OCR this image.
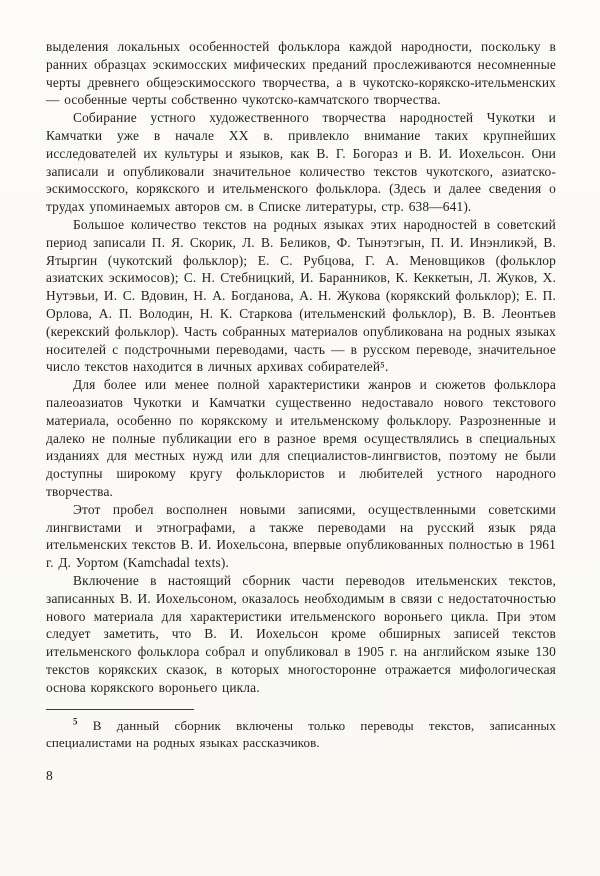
выделения локальных особенностей фольклора каждой народности, поскольку в ранних образцах эскимосских мифических преданий прослеживаются несомненные черты древнего общеэскимосского творчества, а в чукотско-корякско-ительменских — особенные черты собственно чукотско-камчатского творчества.

Собирание устного художественного творчества народностей Чукотки и Камчатки уже в начале XX в. привлекло внимание таких крупнейших исследователей их культуры и языков, как В. Г. Богораз и В. И. Иохельсон. Они записали и опубликовали значительное количество текстов чукотского, азиатско-эскимосского, корякского и ительменского фольклора. (Здесь и далее сведения о трудах упоминаемых авторов см. в Списке литературы, стр. 638—641).

Большое количество текстов на родных языках этих народностей в советский период записали П. Я. Скорик, Л. В. Беликов, Ф. Тынэтэгын, П. И. Инэнликэй, В. Ятыргин (чукотский фольклор); Е. С. Рубцова, Г. А. Меновщиков (фольклор азиатских эскимосов); С. Н. Стебницкий, И. Баранников, К. Кеккетын, Л. Жуков, Х. Нутэвьи, И. С. Вдовин, Н. А. Богданова, А. Н. Жукова (корякский фольклор); Е. П. Орлова, А. П. Володин, Н. К. Старкова (ительменский фольклор), В. В. Леонтьев (керекский фольклор). Часть собранных материалов опубликована на родных языках носителей с подстрочными переводами, часть — в русском переводе, значительное число текстов находится в личных архивах собирателей⁵.

Для более или менее полной характеристики жанров и сюжетов фольклора палеоазиатов Чукотки и Камчатки существенно недоставало нового текстового материала, особенно по корякскому и ительменскому фольклору. Разрозненные и далеко не полные публикации его в разное время осуществлялись в специальных изданиях для местных нужд или для специалистов-лингвистов, поэтому не были доступны широкому кругу фольклористов и любителей устного народного творчества.

Этот пробел восполнен новыми записями, осуществленными советскими лингвистами и этнографами, а также переводами на русский язык ряда ительменских текстов В. И. Иохельсона, впервые опубликованных полностью в 1961 г. Д. Уортом (Kamchadal texts).

Включение в настоящий сборник части переводов ительменских текстов, записанных В. И. Иохельсоном, оказалось необходимым в связи с недостаточностью нового материала для характеристики ительменского вороньего цикла. При этом следует заметить, что В. И. Иохельсон кроме обширных записей текстов ительменского фольклора собрал и опубликовал в 1905 г. на английском языке 130 текстов корякских сказок, в которых многосторонне отражается мифологическая основа корякского вороньего цикла.

$^5$ В данный сборник включены только переводы текстов, записанных специалистами на родных языках рассказчиков.

8
